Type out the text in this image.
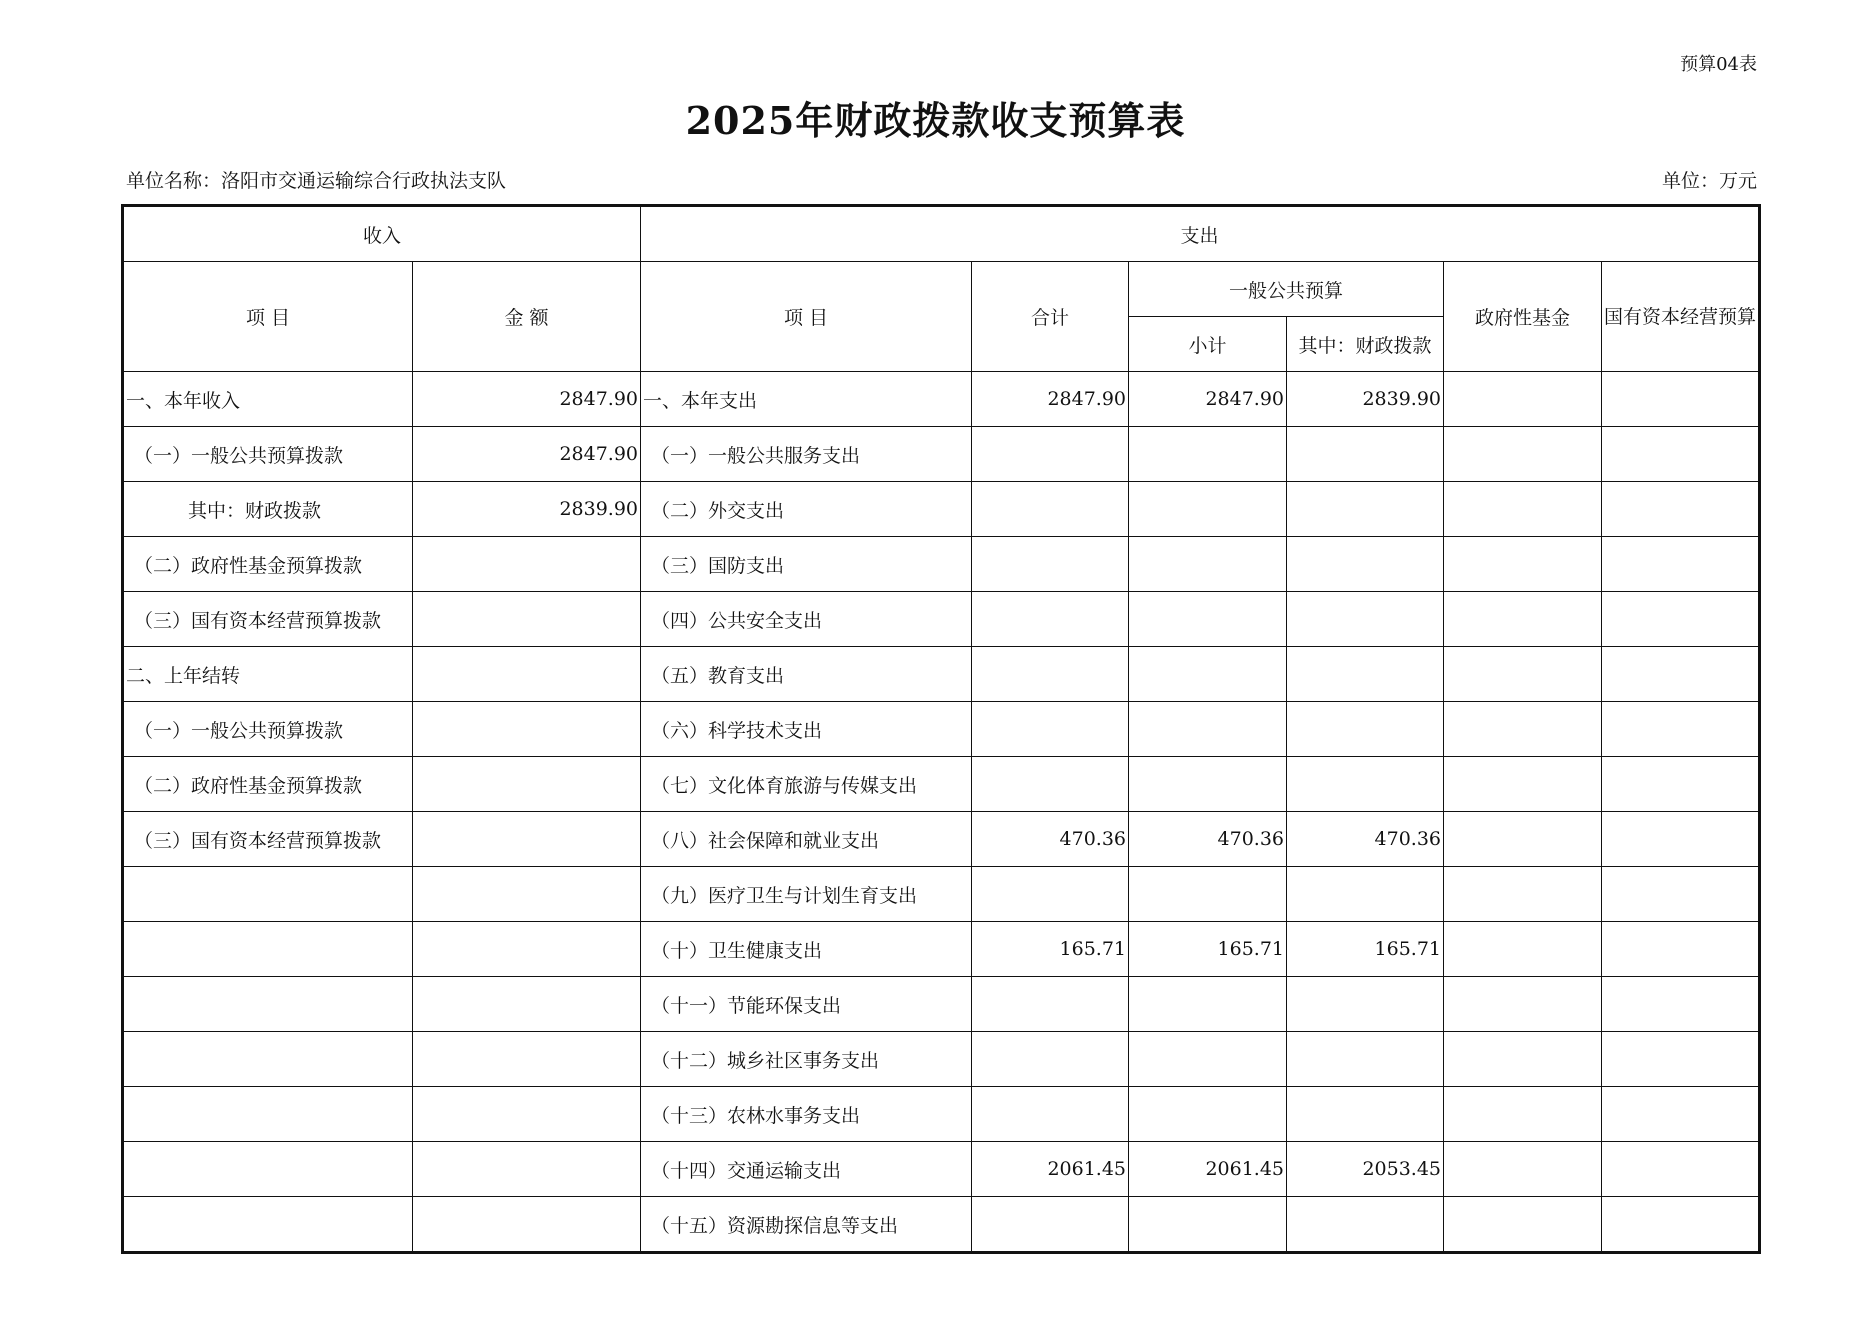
预算04表
2025年财政拨款收支预算表
单位名称：洛阳市交通运输综合行政执法支队	单位：万元
收入		支出					
项 目	金 额	项 目	合计	一般公共预算		政府性基金	国有资本经营预算
				小计	其中：财政拨款		
一、本年收入	2847.90	一、本年支出	2847.90	2847.90	2839.90		
（一）一般公共预算拨款	2847.90	（一）一般公共服务支出					
其中：财政拨款	2839.90	（二）外交支出					
（二）政府性基金预算拨款		（三）国防支出					
（三）国有资本经营预算拨款		（四）公共安全支出					
二、上年结转		（五）教育支出					
（一）一般公共预算拨款		（六）科学技术支出					
（二）政府性基金预算拨款		（七）文化体育旅游与传媒支出					
（三）国有资本经营预算拨款		（八）社会保障和就业支出	470.36	470.36	470.36		
		（九）医疗卫生与计划生育支出					
		（十）卫生健康支出	165.71	165.71	165.71		
		（十一）节能环保支出					
		（十二）城乡社区事务支出					
		（十三）农林水事务支出					
		（十四）交通运输支出	2061.45	2061.45	2053.45		
		（十五）资源勘探信息等支出					
